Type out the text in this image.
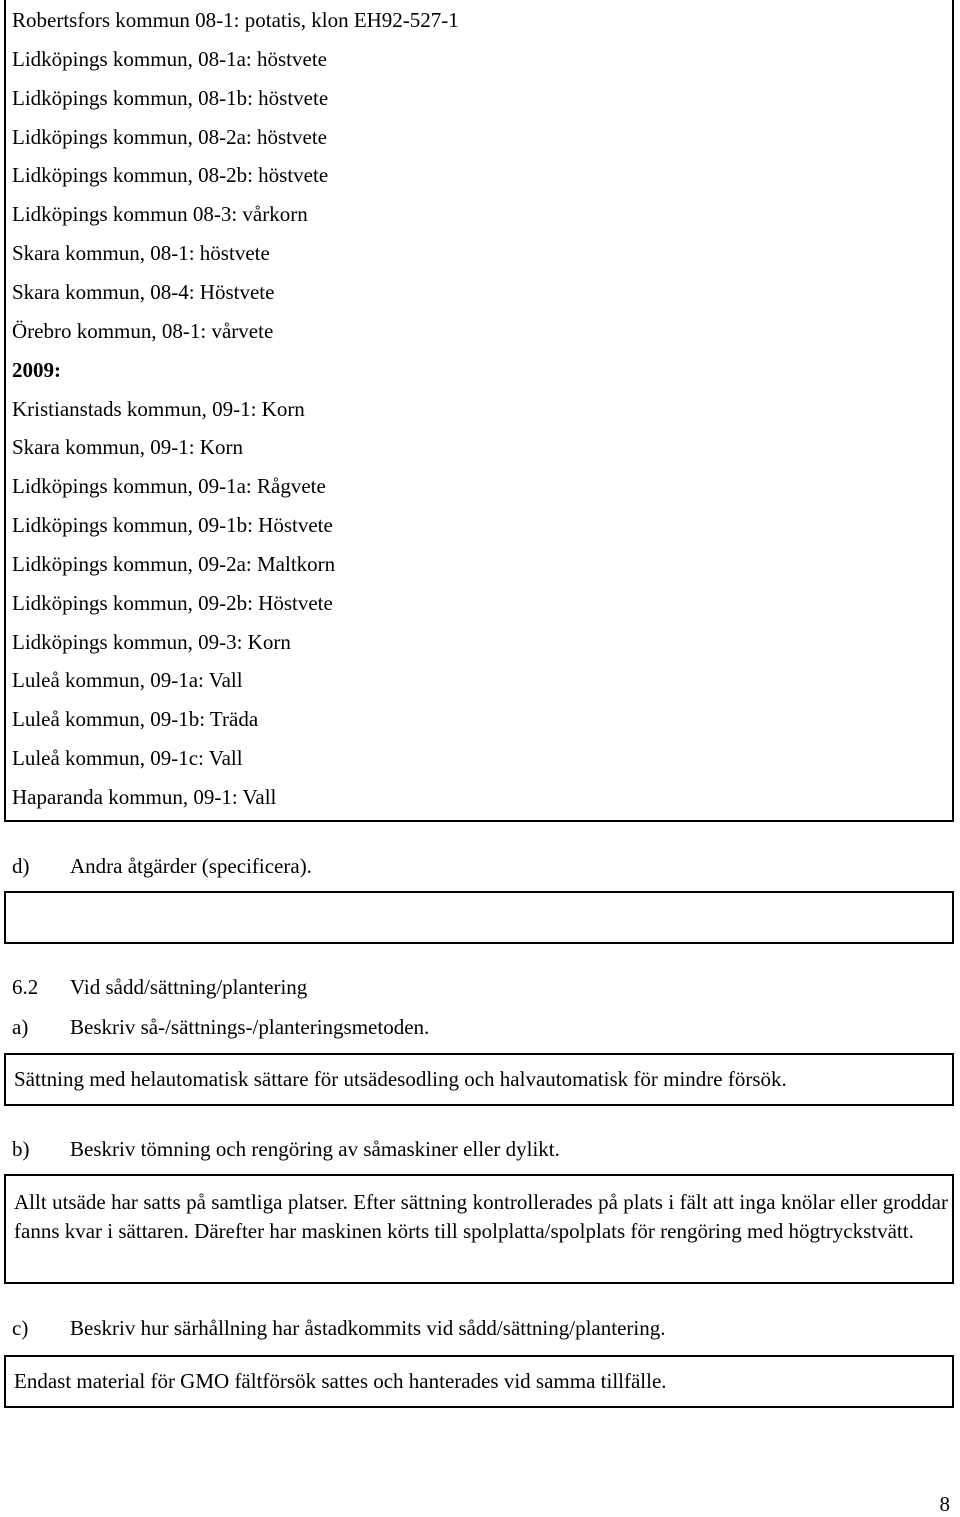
Robertsfors kommun 08-1: potatis, klon EH92-527-1
Lidköpings kommun, 08-1a: höstvete
Lidköpings kommun, 08-1b: höstvete
Lidköpings kommun, 08-2a: höstvete
Lidköpings kommun, 08-2b: höstvete
Lidköpings kommun 08-3: vårkorn
Skara kommun, 08-1: höstvete
Skara kommun, 08-4: Höstvete
Örebro kommun, 08-1: vårvete
2009:
Kristianstads kommun, 09-1: Korn
Skara kommun, 09-1: Korn
Lidköpings kommun, 09-1a: Rågvete
Lidköpings kommun, 09-1b: Höstvete
Lidköpings kommun, 09-2a: Maltkorn
Lidköpings kommun, 09-2b: Höstvete
Lidköpings kommun, 09-3: Korn
Luleå kommun, 09-1a: Vall
Luleå kommun, 09-1b: Träda
Luleå kommun, 09-1c: Vall
Haparanda kommun, 09-1: Vall
d) Andra åtgärder (specificera).
6.2 Vid sådd/sättning/plantering
a) Beskriv så-/sättnings-/planteringsmetoden.
Sättning med helautomatisk sättare för utsädesodling och halvautomatisk för mindre försök.
b) Beskriv tömning och rengöring av såmaskiner eller dylikt.
Allt utsäde har satts på samtliga platser. Efter sättning kontrollerades på plats i fält att inga knölar eller groddar fanns kvar i sättaren. Därefter har maskinen körts till spolplatta/spolplats för rengöring med högtryckstvätt.
c) Beskriv hur särhållning har åstadkommits vid sådd/sättning/plantering.
Endast material för GMO fältförsök sattes och hanterades vid samma tillfälle.
8
